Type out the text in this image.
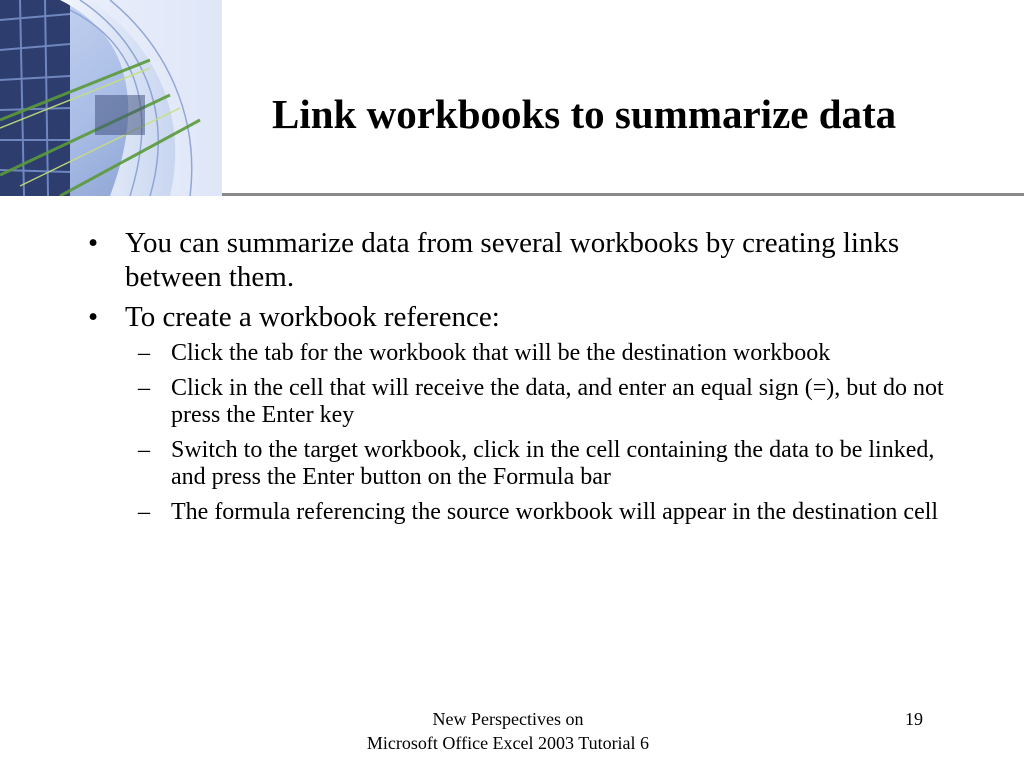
Link workbooks to summarize data
• You can summarize data from several workbooks by creating links between them.
• To create a workbook reference:
– Click the tab for the workbook that will be the destination workbook
– Click in the cell that will receive the data, and enter an equal sign (=), but do not press the Enter key
– Switch to the target workbook, click in the cell containing the data to be linked, and press the Enter button on the Formula bar
– The formula referencing the source workbook will appear in the destination cell
New Perspectives on
Microsoft Office Excel 2003 Tutorial 6
19
